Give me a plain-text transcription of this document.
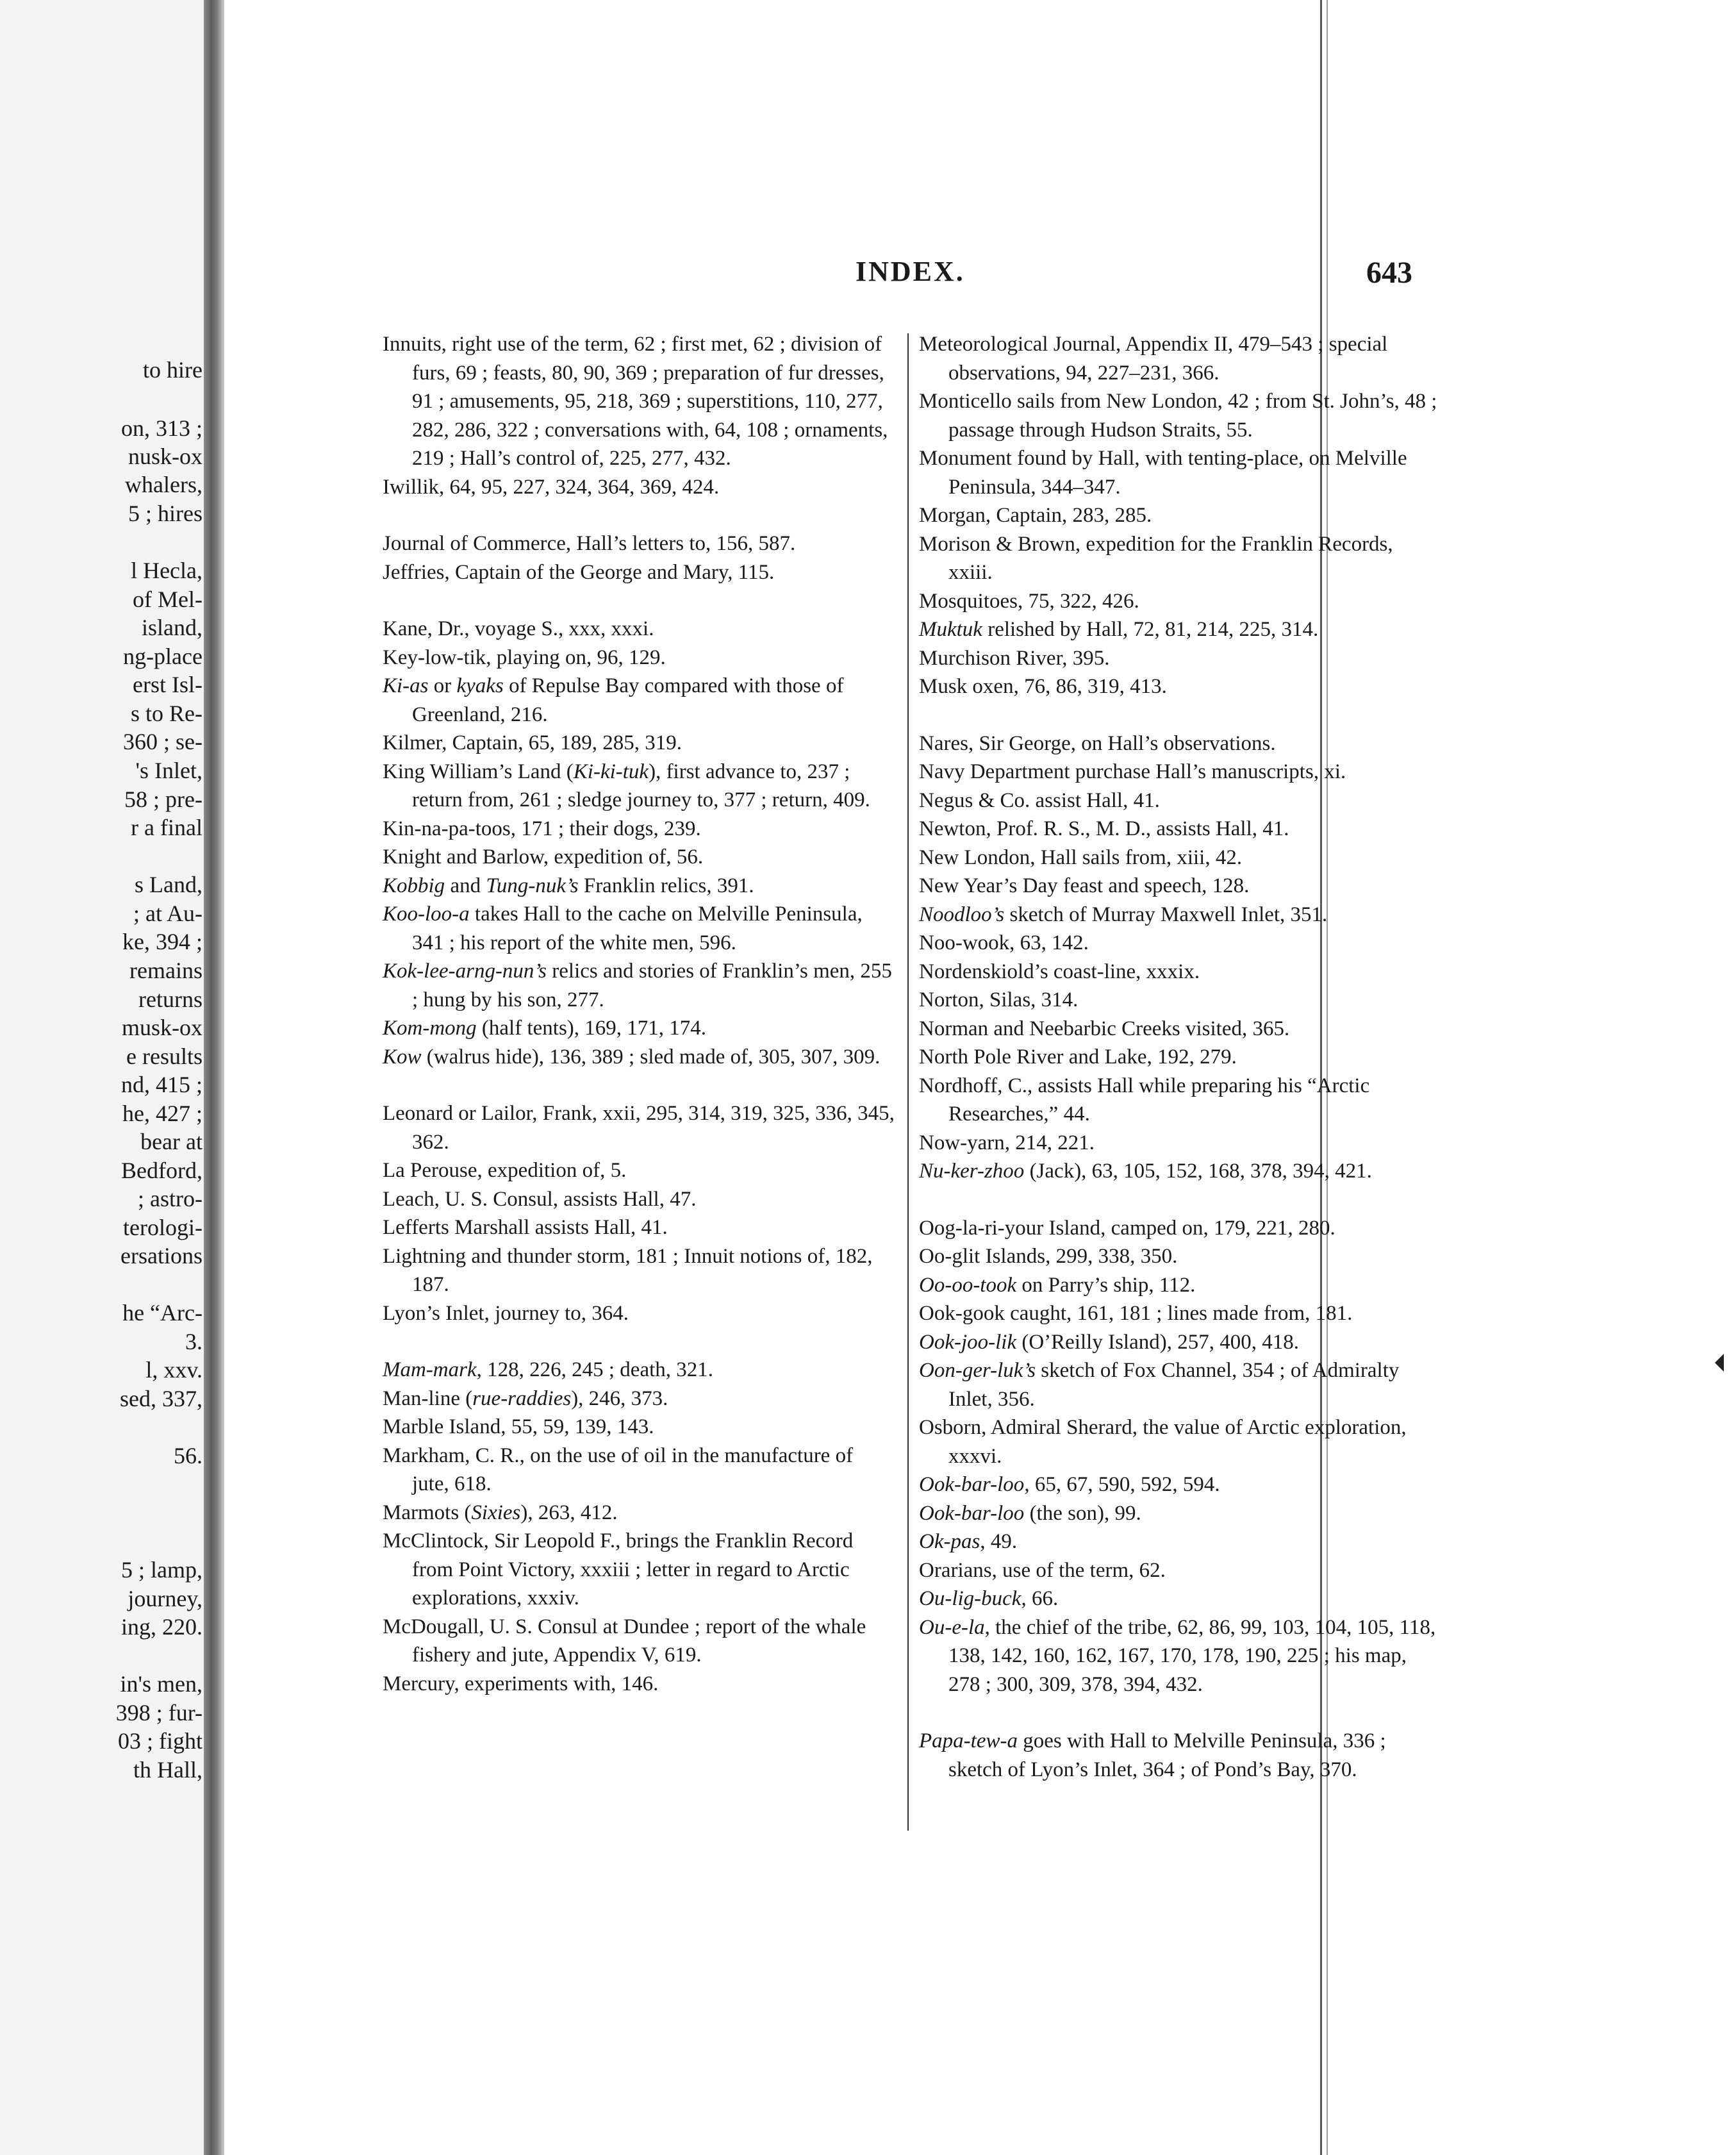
to hire
on, 313 ;
nusk-ox
whalers,
5 ; hires
l Hecla,
of Mel-
island,
ng-place
erst Isl-
s to Re-
360 ; se-
's Inlet,
58 ; pre-
r a final
s Land,
; at Au-
ke, 394 ;
remains
returns
musk-ox
e results
nd, 415 ;
he, 427 ;
bear at
Bedford,
; astro-
terologi-
ersations
he “Arc-
3.
l, xxv.
sed, 337,
56.
5 ; lamp,
journey,
ing, 220.
in's men,
398 ; fur-
03 ; fight
th Hall,

INDEX.	643

Innuits, right use of the term, 62 ; first met, 62 ; division of furs, 69 ; feasts, 80, 90, 369 ; preparation of fur dresses, 91 ; amusements, 95, 218, 369 ; superstitions, 110, 277, 282, 286, 322 ; conversations with, 64, 108 ; ornaments, 219 ; Hall’s control of, 225, 277, 432.
Iwillik, 64, 95, 227, 324, 364, 369, 424.
Journal of Commerce, Hall’s letters to, 156, 587.
Jeffries, Captain of the George and Mary, 115.
Kane, Dr., voyage S., xxx, xxxi.
Key-low-tik, playing on, 96, 129.
Ki-as or kyaks of Repulse Bay compared with those of Greenland, 216.
Kilmer, Captain, 65, 189, 285, 319.
King William’s Land (Ki-ki-tuk), first advance to, 237 ; return from, 261 ; sledge journey to, 377 ; return, 409.
Kin-na-pa-toos, 171 ; their dogs, 239.
Knight and Barlow, expedition of, 56.
Kobbig and Tung-nuk’s Franklin relics, 391.
Koo-loo-a takes Hall to the cache on Melville Peninsula, 341 ; his report of the white men, 596.
Kok-lee-arng-nun’s relics and stories of Franklin’s men, 255 ; hung by his son, 277.
Kom-mong (half tents), 169, 171, 174.
Kow (walrus hide), 136, 389 ; sled made of, 305, 307, 309.
Leonard or Lailor, Frank, xxii, 295, 314, 319, 325, 336, 345, 362.
La Perouse, expedition of, 5.
Leach, U. S. Consul, assists Hall, 47.
Lefferts Marshall assists Hall, 41.
Lightning and thunder storm, 181 ; Innuit notions of, 182, 187.
Lyon’s Inlet, journey to, 364.
Mam-mark, 128, 226, 245 ; death, 321.
Man-line (rue-raddies), 246, 373.
Marble Island, 55, 59, 139, 143.
Markham, C. R., on the use of oil in the manufacture of jute, 618.
Marmots (Sixies), 263, 412.
McClintock, Sir Leopold F., brings the Franklin Record from Point Victory, xxxiii ; letter in regard to Arctic explorations, xxxiv.
McDougall, U. S. Consul at Dundee ; report of the whale fishery and jute, Appendix V, 619.
Mercury, experiments with, 146.
Meteorological Journal, Appendix II, 479–543 ; special observations, 94, 227–231, 366.
Monticello sails from New London, 42 ; from St. John’s, 48 ; passage through Hudson Straits, 55.
Monument found by Hall, with tenting-place, on Melville Peninsula, 344–347.
Morgan, Captain, 283, 285.
Morison & Brown, expedition for the Franklin Records, xxiii.
Mosquitoes, 75, 322, 426.
Muktuk relished by Hall, 72, 81, 214, 225, 314.
Murchison River, 395.
Musk oxen, 76, 86, 319, 413.
Nares, Sir George, on Hall’s observations.
Navy Department purchase Hall’s manuscripts, xi.
Negus & Co. assist Hall, 41.
Newton, Prof. R. S., M. D., assists Hall, 41.
New London, Hall sails from, xiii, 42.
New Year’s Day feast and speech, 128.
Noodloo’s sketch of Murray Maxwell Inlet, 351.
Noo-wook, 63, 142.
Nordenskiold’s coast-line, xxxix.
Norton, Silas, 314.
Norman and Neebarbic Creeks visited, 365.
North Pole River and Lake, 192, 279.
Nordhoff, C., assists Hall while preparing his “Arctic Researches,” 44.
Now-yarn, 214, 221.
Nu-ker-zhoo (Jack), 63, 105, 152, 168, 378, 394, 421.
Oog-la-ri-your Island, camped on, 179, 221, 280.
Oo-glit Islands, 299, 338, 350.
Oo-oo-took on Parry’s ship, 112.
Ook-gook caught, 161, 181 ; lines made from, 181.
Ook-joo-lik (O’Reilly Island), 257, 400, 418.
Oon-ger-luk’s sketch of Fox Channel, 354 ; of Admiralty Inlet, 356.
Osborn, Admiral Sherard, the value of Arctic exploration, xxxvi.
Ook-bar-loo, 65, 67, 590, 592, 594.
Ook-bar-loo (the son), 99.
Ok-pas, 49.
Orarians, use of the term, 62.
Ou-lig-buck, 66.
Ou-e-la, the chief of the tribe, 62, 86, 99, 103, 104, 105, 118, 138, 142, 160, 162, 167, 170, 178, 190, 225 ; his map, 278 ; 300, 309, 378, 394, 432.
Papa-tew-a goes with Hall to Melville Peninsula, 336 ; sketch of Lyon’s Inlet, 364 ; of Pond’s Bay, 370.
